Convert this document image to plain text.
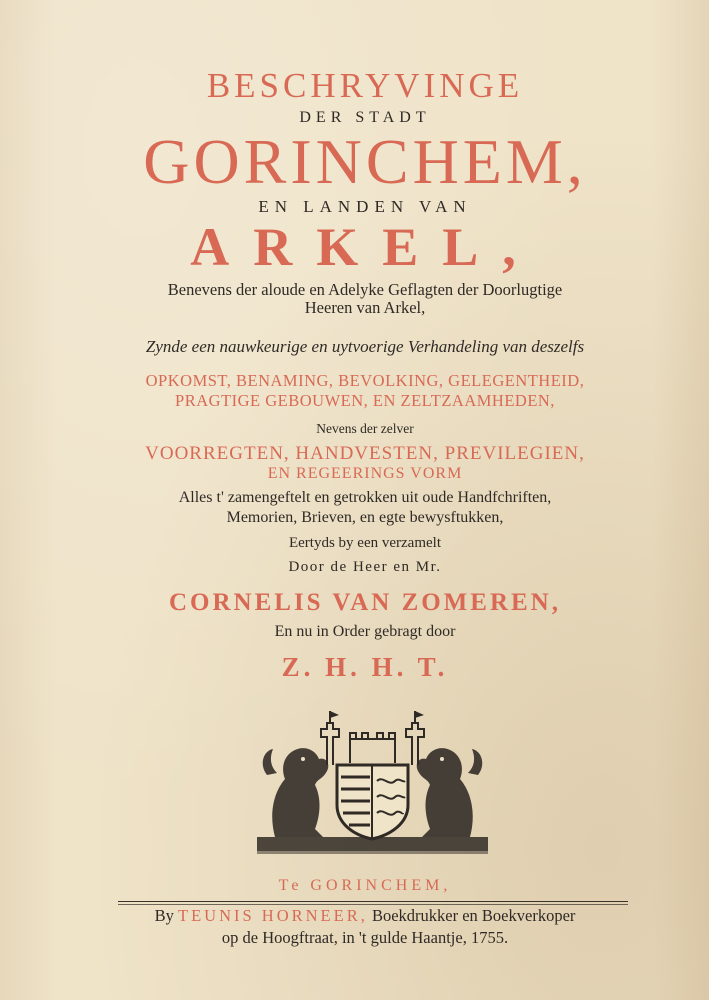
BESCHRYVINGE
DER STADT
GORINCHEM,
EN LANDEN VAN
ARKEL,
Benevens der aloude en Adelyke Geflagten der Doorlugtige
Heeren van Arkel,
Zynde een nauwkeurige en uytvoerige Verhandeling van deszelfs
OPKOMST, BENAMING, BEVOLKING, GELEGENTHEID,
PRAGTIGE GEBOUWEN, EN ZELTZAAMHEDEN,
Nevens der zelver
VOORREGTEN, HANDVESTEN, PREVILEGIEN,
EN REGEERINGS VORM
Alles t' zamengeftelt en getrokken uit oude Handfchriften,
Memorien, Brieven, en egte bewysftukken,
Eertyds by een verzamelt
Door de Heer en Mr.
CORNELIS VAN ZOMEREN,
En nu in Order gebragt door
Z. H. H. T.
Te GORINCHEM,
By TEUNIS HORNEER, Boekdrukker en Boekverkoper
op de Hoogftraat, in 't gulde Haantje, 1755.
